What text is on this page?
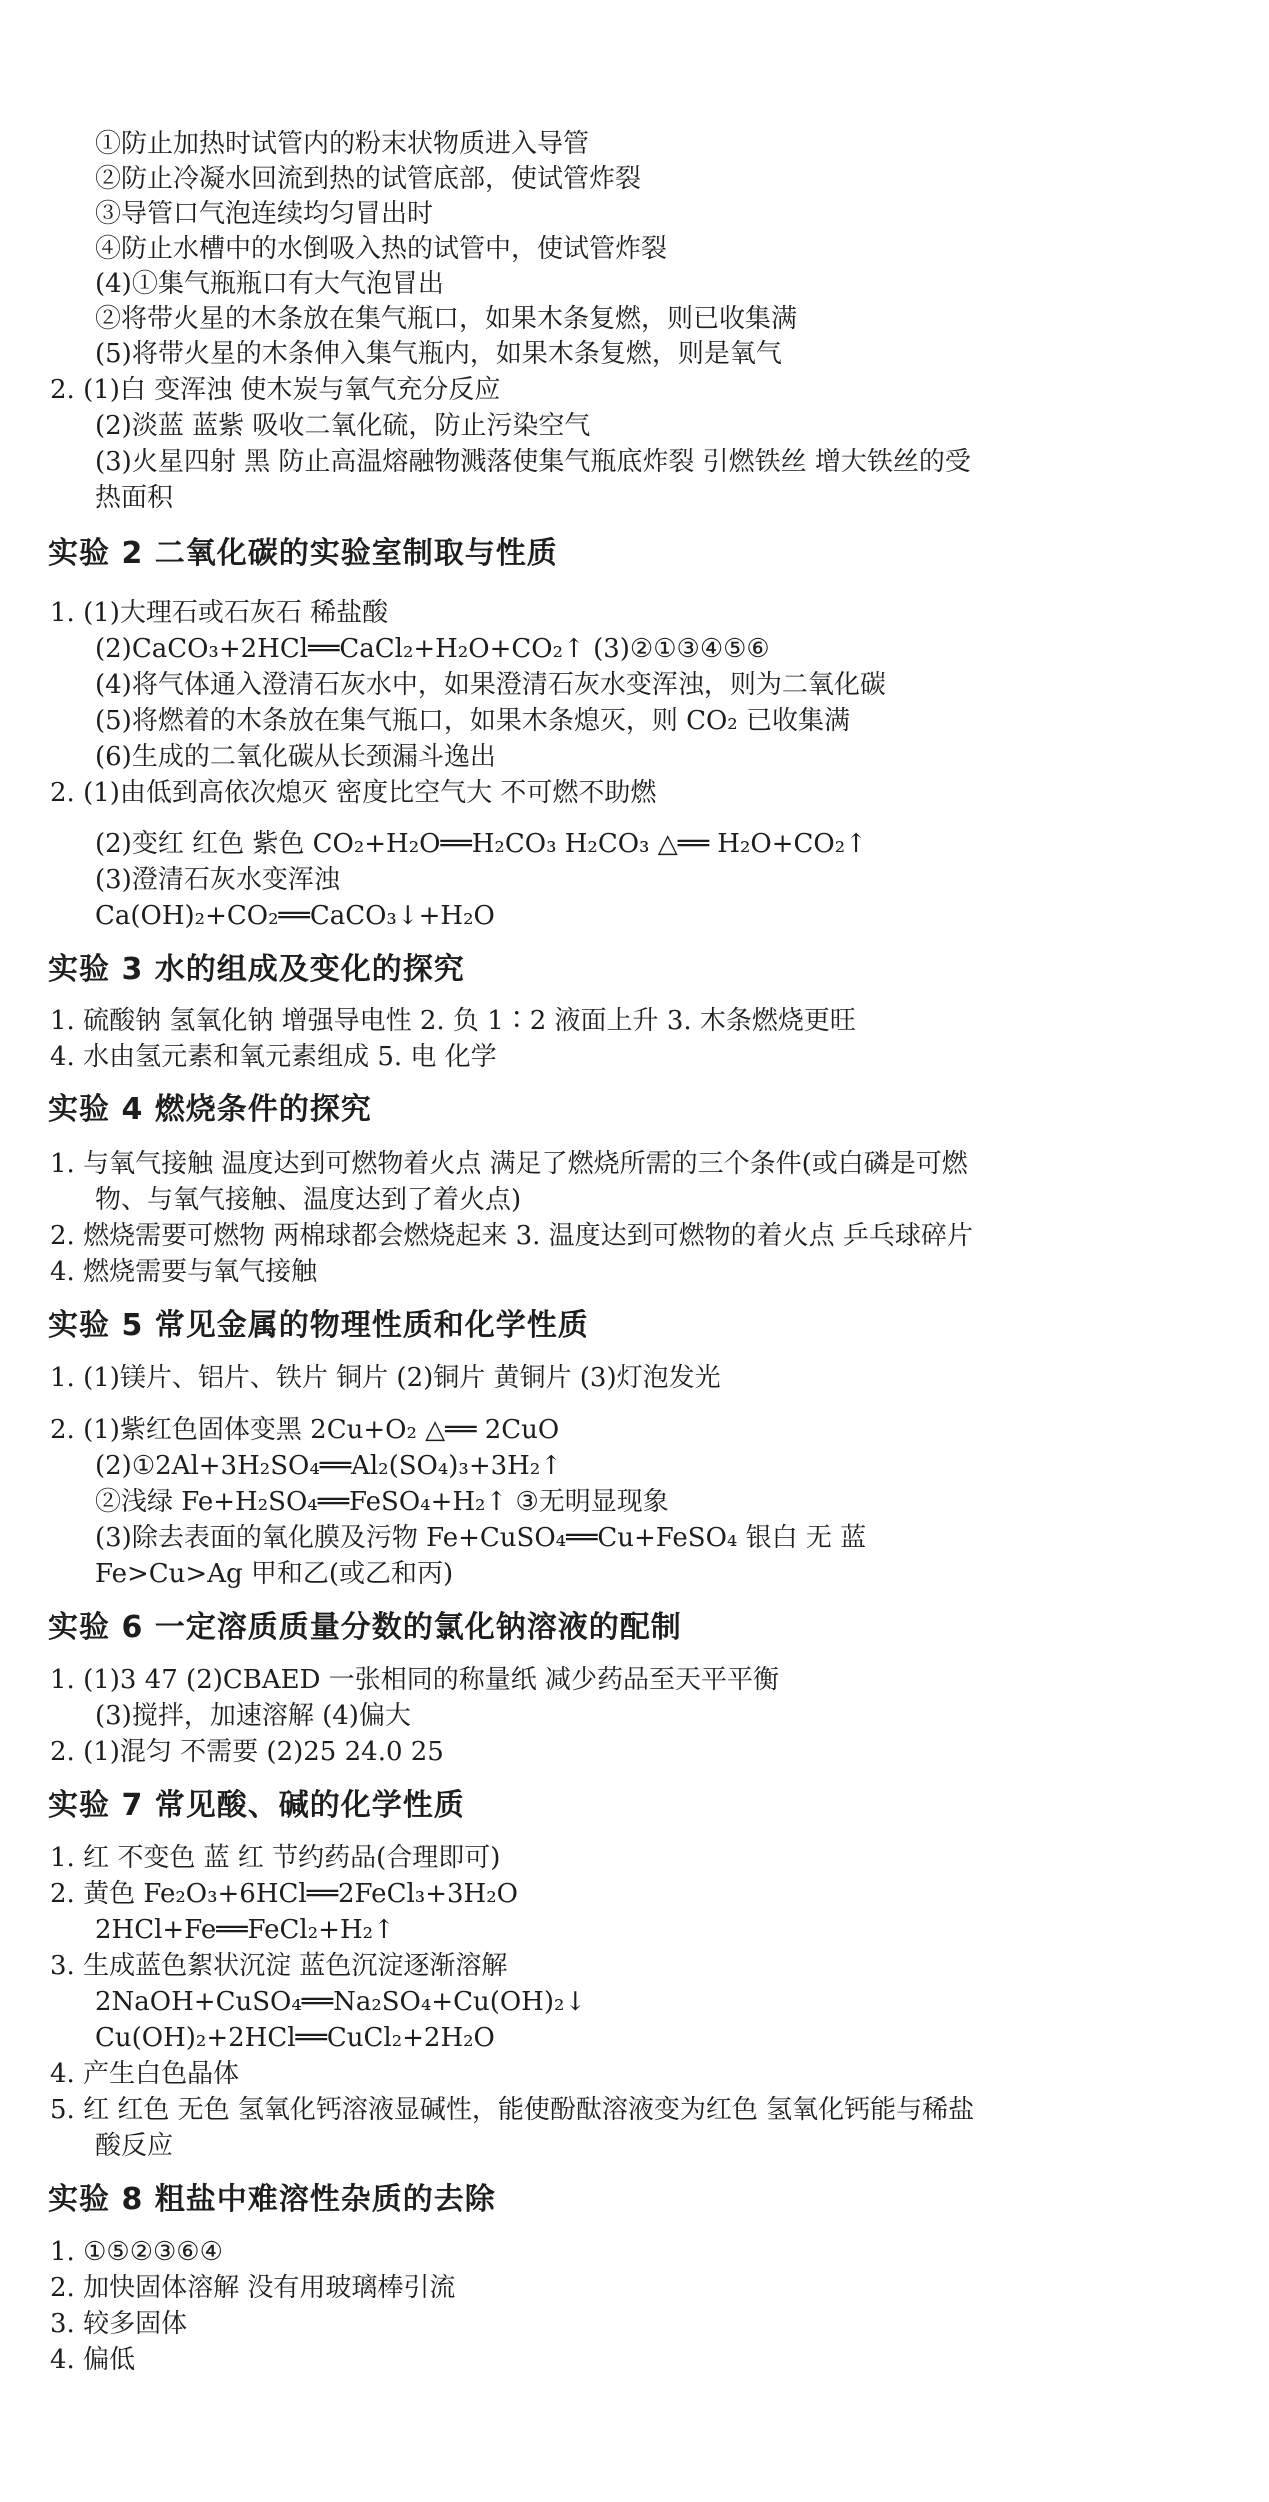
①防止加热时试管内的粉末状物质进入导管
②防止冷凝水回流到热的试管底部，使试管炸裂
③导管口气泡连续均匀冒出时
④防止水槽中的水倒吸入热的试管中，使试管炸裂
(4)①集气瓶瓶口有大气泡冒出
②将带火星的木条放在集气瓶口，如果木条复燃，则已收集满
(5)将带火星的木条伸入集气瓶内，如果木条复燃，则是氧气
2. (1)白 变浑浊 使木炭与氧气充分反应
(2)淡蓝 蓝紫 吸收二氧化硫，防止污染空气
(3)火星四射 黑 防止高温熔融物溅落使集气瓶底炸裂 引燃铁丝 增大铁丝的受
热面积
实验 2 二氧化碳的实验室制取与性质
1. (1)大理石或石灰石 稀盐酸
(2)CaCO₃+2HCl══CaCl₂+H₂O+CO₂↑ (3)②①③④⑤⑥
(4)将气体通入澄清石灰水中，如果澄清石灰水变浑浊，则为二氧化碳
(5)将燃着的木条放在集气瓶口，如果木条熄灭，则 CO₂ 已收集满
(6)生成的二氧化碳从长颈漏斗逸出
2. (1)由低到高依次熄灭 密度比空气大 不可燃不助燃
(2)变红 红色 紫色 CO₂+H₂O══H₂CO₃ H₂CO₃ △══ H₂O+CO₂↑
(3)澄清石灰水变浑浊
Ca(OH)₂+CO₂══CaCO₃↓+H₂O
实验 3 水的组成及变化的探究
1. 硫酸钠 氢氧化钠 增强导电性 2. 负 1∶2 液面上升 3. 木条燃烧更旺
4. 水由氢元素和氧元素组成 5. 电 化学
实验 4 燃烧条件的探究
1. 与氧气接触 温度达到可燃物着火点 满足了燃烧所需的三个条件(或白磷是可燃
物、与氧气接触、温度达到了着火点)
2. 燃烧需要可燃物 两棉球都会燃烧起来 3. 温度达到可燃物的着火点 乒乓球碎片
4. 燃烧需要与氧气接触
实验 5 常见金属的物理性质和化学性质
1. (1)镁片、铝片、铁片 铜片 (2)铜片 黄铜片 (3)灯泡发光
2. (1)紫红色固体变黑 2Cu+O₂ △══ 2CuO
(2)①2Al+3H₂SO₄══Al₂(SO₄)₃+3H₂↑
②浅绿 Fe+H₂SO₄══FeSO₄+H₂↑ ③无明显现象
(3)除去表面的氧化膜及污物 Fe+CuSO₄══Cu+FeSO₄ 银白 无 蓝
Fe>Cu>Ag 甲和乙(或乙和丙)
实验 6 一定溶质质量分数的氯化钠溶液的配制
1. (1)3 47 (2)CBAED 一张相同的称量纸 减少药品至天平平衡
(3)搅拌，加速溶解 (4)偏大
2. (1)混匀 不需要 (2)25 24.0 25
实验 7 常见酸、碱的化学性质
1. 红 不变色 蓝 红 节约药品(合理即可)
2. 黄色 Fe₂O₃+6HCl══2FeCl₃+3H₂O
2HCl+Fe══FeCl₂+H₂↑
3. 生成蓝色絮状沉淀 蓝色沉淀逐渐溶解
2NaOH+CuSO₄══Na₂SO₄+Cu(OH)₂↓
Cu(OH)₂+2HCl══CuCl₂+2H₂O
4. 产生白色晶体
5. 红 红色 无色 氢氧化钙溶液显碱性，能使酚酞溶液变为红色 氢氧化钙能与稀盐
酸反应
实验 8 粗盐中难溶性杂质的去除
1. ①⑤②③⑥④
2. 加快固体溶解 没有用玻璃棒引流
3. 较多固体
4. 偏低
